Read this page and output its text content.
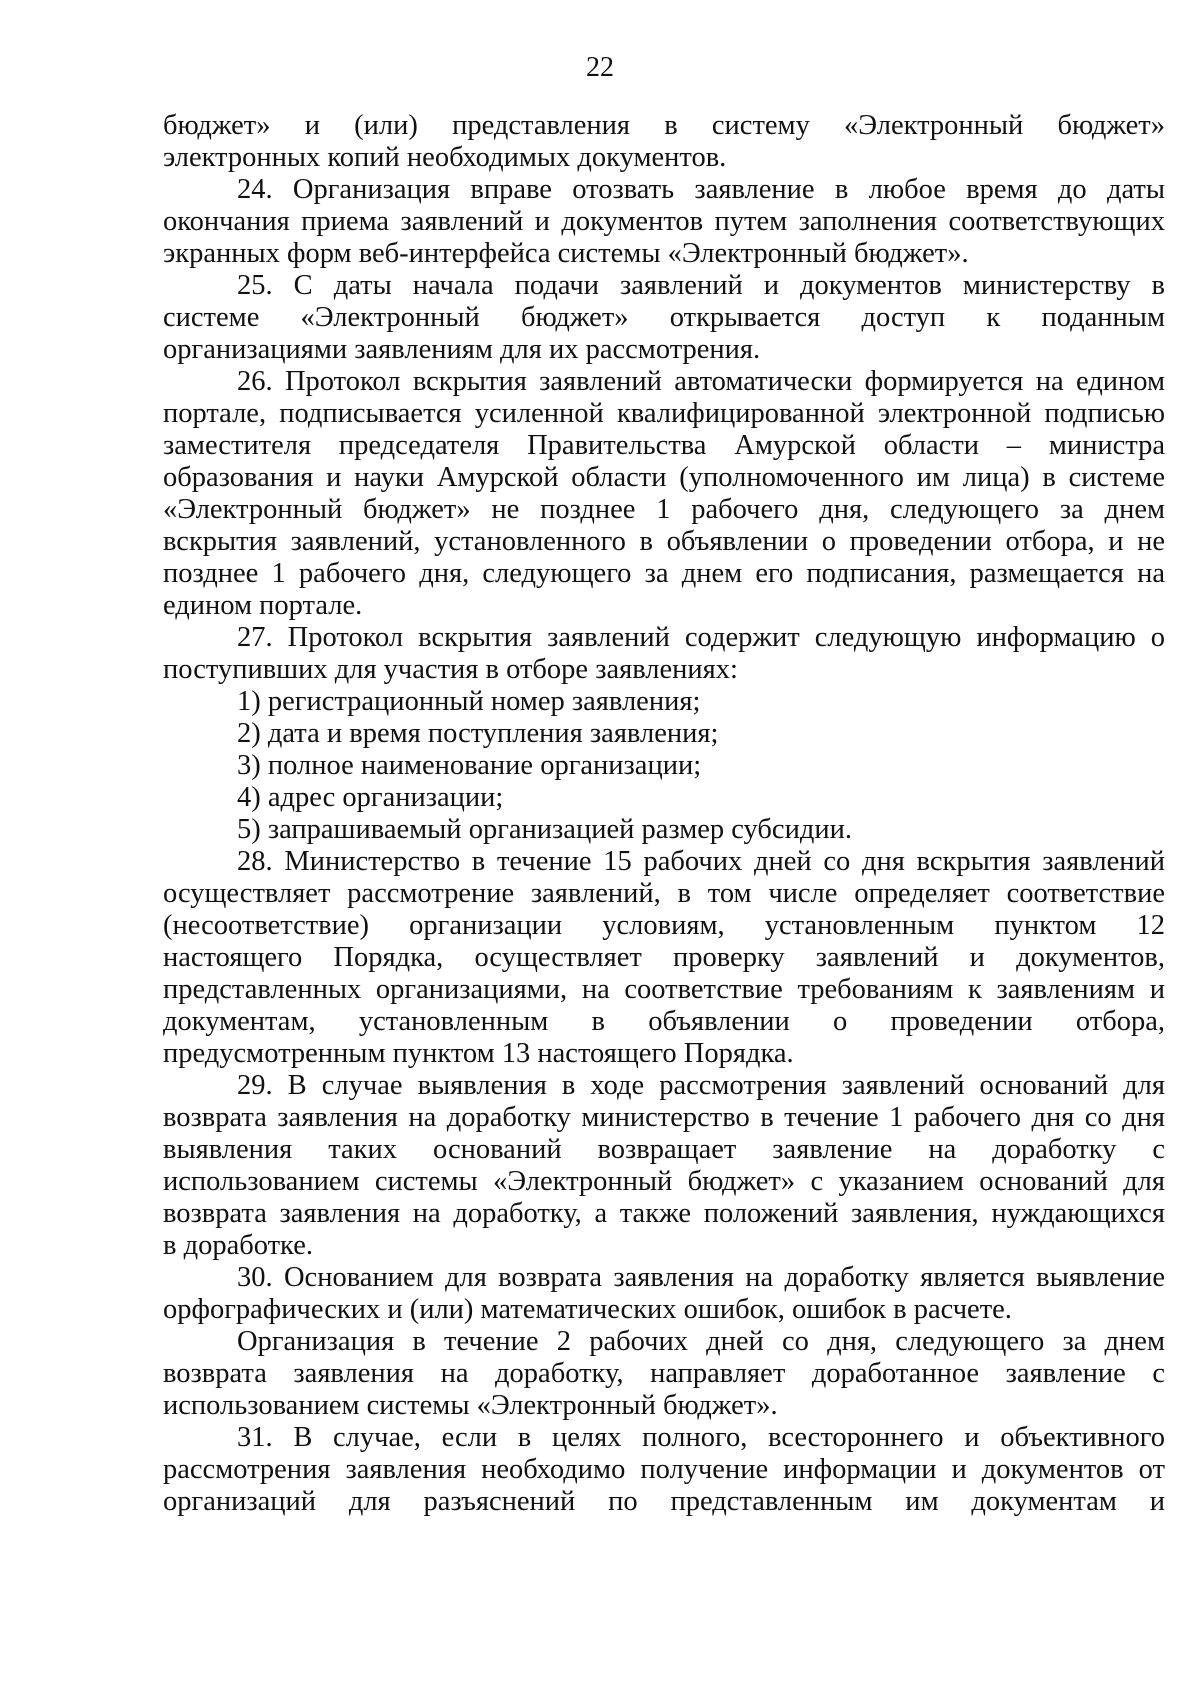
22
бюджет» и (или) представления в систему «Электронный бюджет»
электронных копий необходимых документов.
24. Организация вправе отозвать заявление в любое время до даты
окончания приема заявлений и документов путем заполнения соответствующих
экранных форм веб-интерфейса системы «Электронный бюджет».
25. С даты начала подачи заявлений и документов министерству в
системе «Электронный бюджет» открывается доступ к поданным
организациями заявлениям для их рассмотрения.
26. Протокол вскрытия заявлений автоматически формируется на едином
портале, подписывается усиленной квалифицированной электронной подписью
заместителя председателя Правительства Амурской области – министра
образования и науки Амурской области (уполномоченного им лица) в системе
«Электронный бюджет» не позднее 1 рабочего дня, следующего за днем
вскрытия заявлений, установленного в объявлении о проведении отбора, и не
позднее 1 рабочего дня, следующего за днем его подписания, размещается на
едином портале.
27. Протокол вскрытия заявлений содержит следующую информацию о
поступивших для участия в отборе заявлениях:
1) регистрационный номер заявления;
2) дата и время поступления заявления;
3) полное наименование организации;
4) адрес организации;
5) запрашиваемый организацией размер субсидии.
28. Министерство в течение 15 рабочих дней со дня вскрытия заявлений
осуществляет рассмотрение заявлений, в том числе определяет соответствие
(несоответствие) организации условиям, установленным пунктом 12
настоящего Порядка, осуществляет проверку заявлений и документов,
представленных организациями, на соответствие требованиям к заявлениям и
документам, установленным в объявлении о проведении отбора,
предусмотренным пунктом 13 настоящего Порядка.
29. В случае выявления в ходе рассмотрения заявлений оснований для
возврата заявления на доработку министерство в течение 1 рабочего дня со дня
выявления таких оснований возвращает заявление на доработку с
использованием системы «Электронный бюджет» с указанием оснований для
возврата заявления на доработку, а также положений заявления, нуждающихся
в доработке.
30. Основанием для возврата заявления на доработку является выявление
орфографических и (или) математических ошибок, ошибок в расчете.
Организация в течение 2 рабочих дней со дня, следующего за днем
возврата заявления на доработку, направляет доработанное заявление с
использованием системы «Электронный бюджет».
31. В случае, если в целях полного, всестороннего и объективного
рассмотрения заявления необходимо получение информации и документов от
организаций для разъяснений по представленным им документам и
